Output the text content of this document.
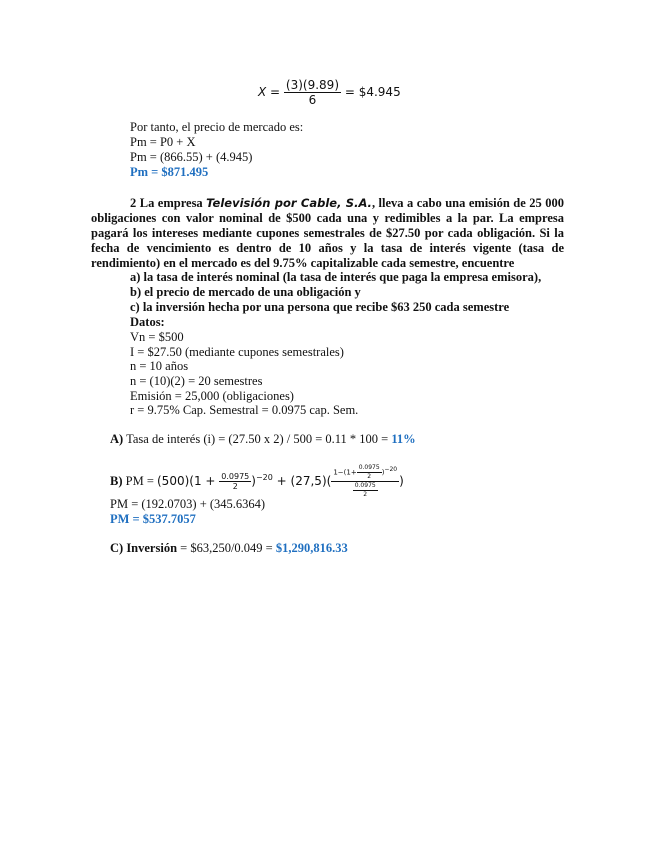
$X = \frac{(3)(9.89)}{6}$ = $4.945
Por tanto, el precio de mercado es:
Pm = P0 + X
Pm = (866.55) + (4.945)
Pm = $871.495
2 La empresa Televisión por Cable, S.A., lleva a cabo una emisión de 25 000
obligaciones con valor nominal de $500 cada una y redimibles a la par. La empresa
pagará los intereses mediante cupones semestrales de $27.50 por cada obligación. Si la
fecha de vencimiento es dentro de 10 años y la tasa de interés vigente (tasa de
rendimiento) en el mercado es del 9.75% capitalizable cada semestre, encuentre
a) la tasa de interés nominal (la tasa de interés que paga la empresa emisora),
b) el precio de mercado de una obligación y
c) la inversión hecha por una persona que recibe $63 250 cada semestre
Datos:
Vn = $500
I = $27.50 (mediante cupones semestrales)
n = 10 años
n = (10)(2) = 20 semestres
Emisión = 25,000 (obligaciones)
r = 9.75% Cap. Semestral = 0.0975 cap. Sem.
A) Tasa de interés (i) = (27.50 x 2) / 500 = 0.11 * 100 = 11%
B) PM = $(500)(1 + \frac{0.0975}{2} )^{-20} + (27,5)( \frac{1-(1+ \frac{0.0975}{2} )^{-20}}{\frac{0.0975}{2}}$ )
PM = (192.0703) + (345.6364)
PM = $537.7057
C) Inversión = $63,250/0.049 = $1,290,816.33
